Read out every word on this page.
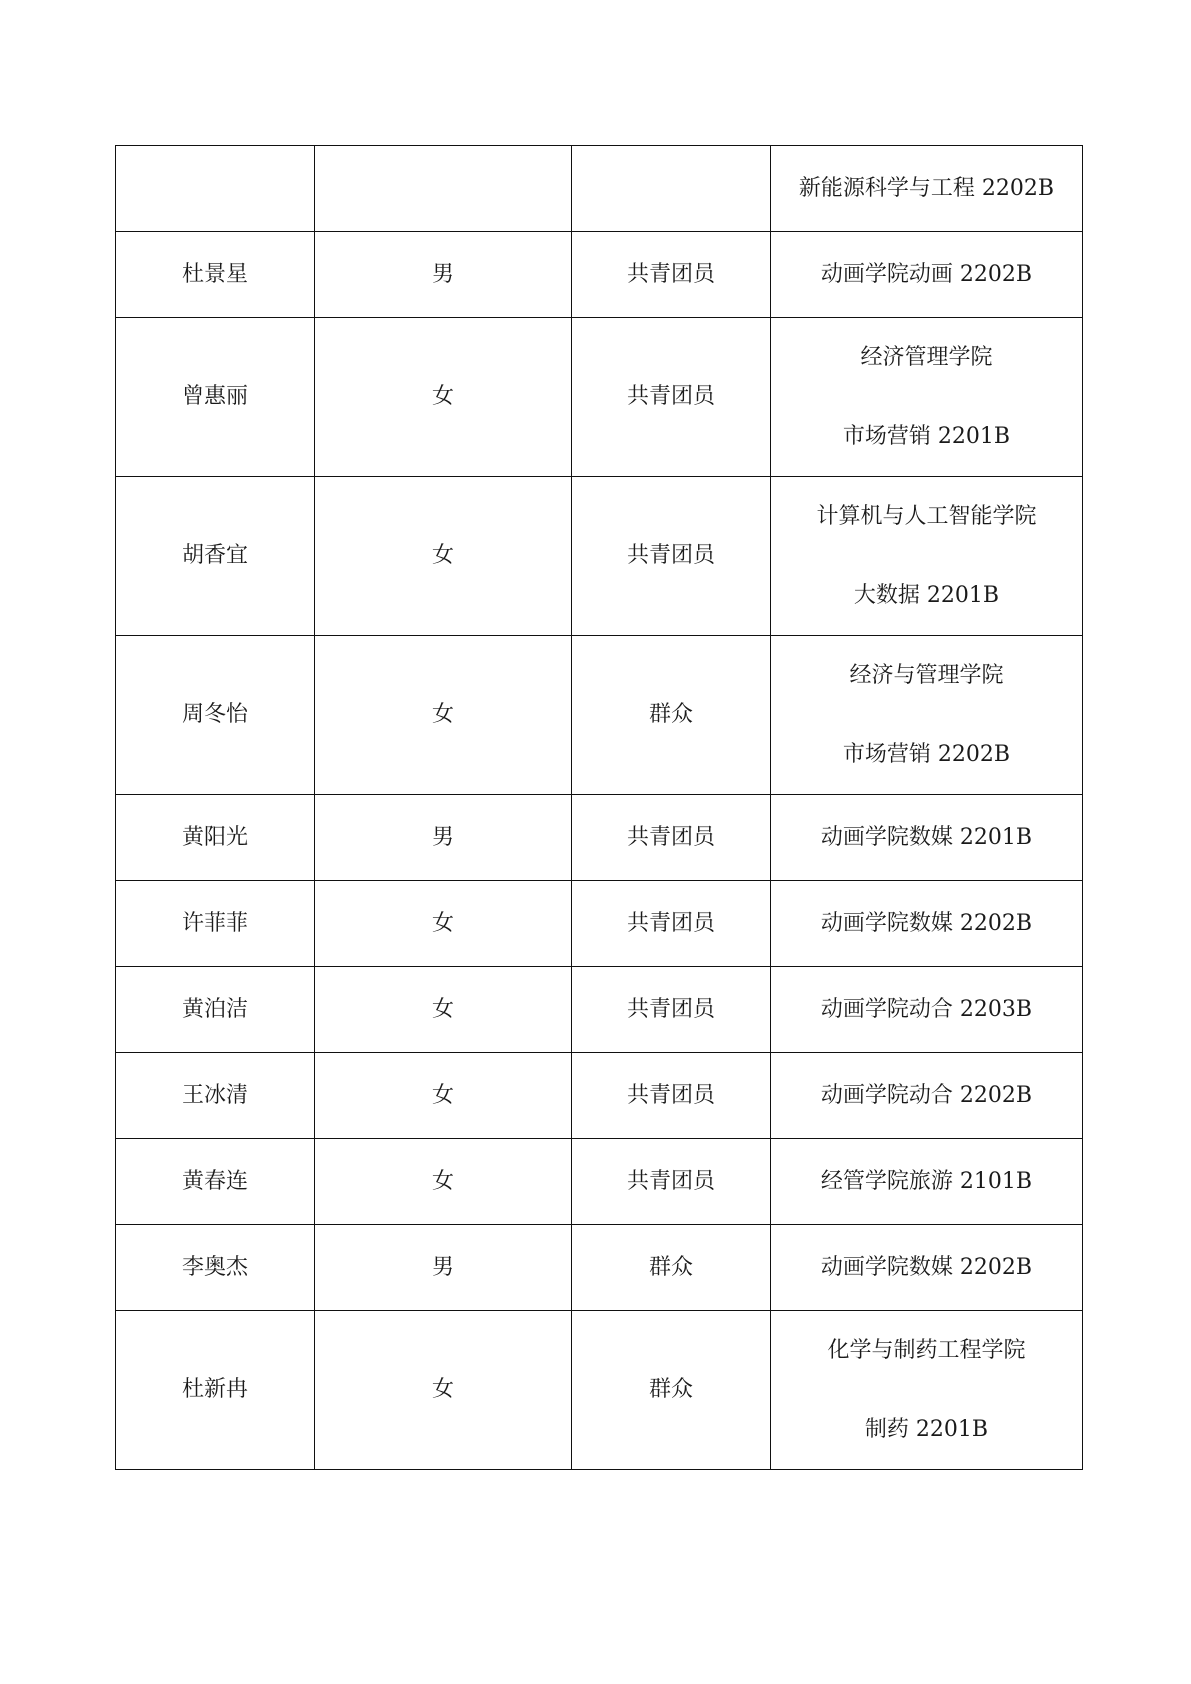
			新能源科学与工程 2202B

杜景星	男	共青团员	动画学院动画 2202B

曾惠丽	女	共青团员	经济管理学院
市场营销 2201B

胡香宜	女	共青团员	计算机与人工智能学院
大数据 2201B

周冬怡	女	群众	经济与管理学院
市场营销 2202B

黄阳光	男	共青团员	动画学院数媒 2201B

许菲菲	女	共青团员	动画学院数媒 2202B

黄泊洁	女	共青团员	动画学院动合 2203B

王冰清	女	共青团员	动画学院动合 2202B

黄春连	女	共青团员	经管学院旅游 2101B

李奥杰	男	群众	动画学院数媒 2202B

杜新冉	女	群众	化学与制药工程学院
制药 2201B
